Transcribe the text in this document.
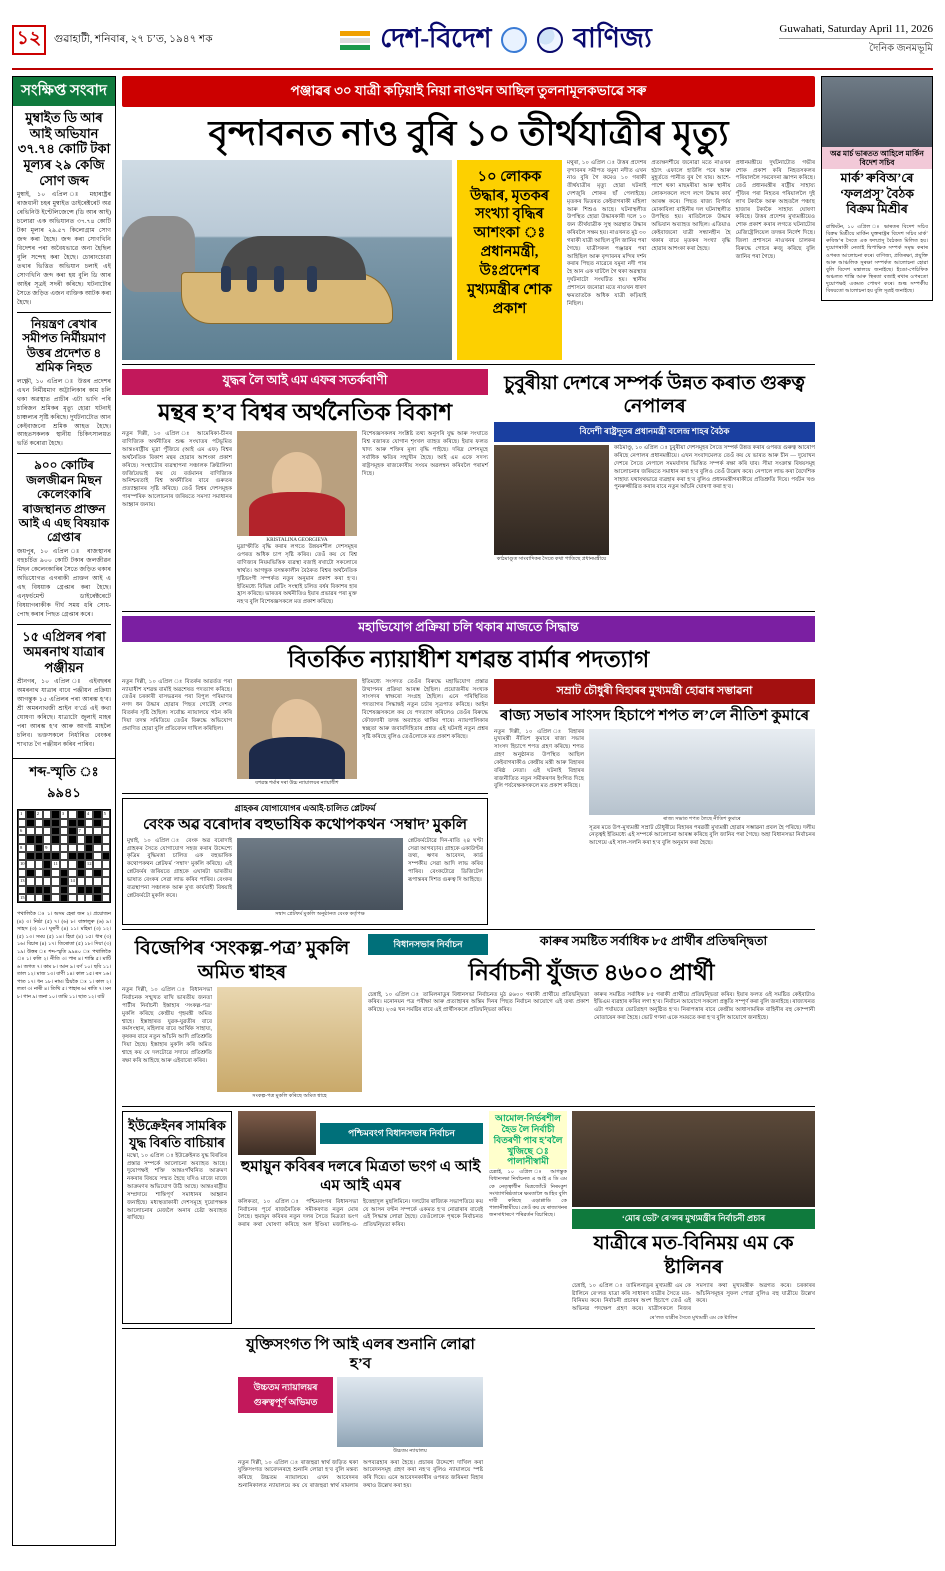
১২	গুৱাহাটী, শনিবাৰ, ২৭ চ’ত, ১৯৪৭ শক	দেশ-বিদেশ	বাণিজ্য	Guwahati, Saturday April 11, 2026
দৈনিক জনমভূমি
সংক্ষিপ্ত সংবাদ
মুম্বাইত ডি আৰ আই অভিযান ৩৭.৭৪ কোটি টকা মূল্যৰ ২৯ কেজি সোণ জব্দ
মুম্বাই, ১০ এপ্ৰিল ঃ মহাৰাষ্ট্ৰৰ ৰাজধানী চহৰ মুম্বাইত ডাইৰেক্টৰেট অৱ ৰেভিনিউ ইণ্টেলিজেন্সে (ডি আৰ আই) চলোৱা এক অভিযানত ৩৭.৭৪ কোটি টকা মূল্যৰ ২৯.৫৭ কিলোগ্ৰাম সোণ জব্দ কৰা হৈছে। জব্দ কৰা সোণখিনি বিদেশৰ পৰা অবৈধভাৱে অনা হৈছিল বুলি সন্দেহ কৰা হৈছে। চোৰাংচোৱা তথ্যৰ ভিত্তিত অভিযান চলাই এই সোণখিনি জব্দ কৰা হয় বুলি ডি আৰ আইৰ সূত্ৰই সদৰী কৰিছে। ঘটনাটোৰ সৈতে জড়িত এজন ব্যক্তিক আটক কৰা হৈছে।
নিয়ন্ত্ৰণ ৰেখাৰ সমীপত নিৰ্মীয়মাণ উত্তৰ প্ৰদেশত ৪ শ্ৰমিক নিহত
লক্ষ্ণৌ, ১০ এপ্ৰিল ঃ উত্তৰ প্ৰদেশৰ এখন নিৰ্মীয়মাণ অট্টালিকাৰ কাম চলি থকা অৱস্থাত প্ৰাচীৰ এটা ভাগি পৰি চাৰিজন শ্ৰমিকৰ মৃত্যু হোৱা ঘটনাই চাঞ্চল্যৰ সৃষ্টি কৰিছে। দুৰ্ঘটনাটোত আন কেইবাজনো শ্ৰমিক আহত হৈছে। আহতসকলক স্থানীয় চিকিৎসালয়ত ভৰ্তি কৰোৱা হৈছে।
৯০০ কোটিৰ জলজীৱন মিছন কেলেংকাৰি ৰাজস্থানত প্ৰাক্তন আই এ এছ বিষয়াক গ্ৰেপ্তাৰ
জয়পুৰ, ১০ এপ্ৰিল ঃ ৰাজস্থানৰ বহুচৰ্চিত ৯০০ কোটি টকাৰ জলজীৱন মিছন কেলেংকাৰিৰ সৈতে জড়িত থকাৰ অভিযোগত এগৰাকী প্ৰাক্তন আই এ এছ বিষয়াক গ্ৰেপ্তাৰ কৰা হৈছে। এন্ফৰ্চমেণ্ট ডাইৰেক্টৰেটে বিষয়াগৰাকীক দীৰ্ঘ সময় ধৰি সোধ-পোছ কৰাৰ পিছত গ্ৰেপ্তাৰ কৰে।
১৫ এপ্ৰিলৰ পৰা অমৰনাথ যাত্ৰাৰ পঞ্জীয়ন
শ্ৰীনগৰ, ১০ এপ্ৰিল ঃ এইবছৰৰ অমৰনাথ যাত্ৰাৰ বাবে পঞ্জীয়ন প্ৰক্ৰিয়া আগন্তুক ১৫ এপ্ৰিলৰ পৰা আৰম্ভ হ’ব। শ্ৰী অমৰনাথজী শ্ৰাইন ব’ৰ্ডে এই কথা ঘোষণা কৰিছে। যাত্ৰাটো জুলাই মাহৰ পৰা আৰম্ভ হ’ব আৰু আগষ্ট মাহলৈ চলিব। ভক্তসকলে নিৰ্ধাৰিত বেংকৰ শাখাত গৈ পঞ্জীয়ন কৰিব পাৰিব।
শব্দ-স্মৃতি ঃ ৯৯৪১
1	2	3	4	5
6	7
8	9
10	11	12
13	14
15
পথালিকৈ ঃ ১। অসম হেৰা জন ২। প্ৰয়োজন (৪) ৩। নিষ্ঠা (৫) ৭। (৬) ৮। বাঙ্গালুৰু (৬) ৯। সাহস (৩) ১০। ঘূৰণী (৪) ১১। মহিমা (৩) ১২। (৫) ১৩। সময় (৫) ১৪। হিয়া (৪) ১৫। ধাৰ (৩) ১৬। বিচাৰ (৪) ১৭। তিৰোতা (৫) ১৮। দিয়া (৩) ১৯। উত্তৰ ঃ শব্দ-স্মৃতি ৯৯৪০ ঃ পথালিকৈ ঃ ১। কলি ২। নীতি ৩। পাৰ ৪। শান্তি ৫। মাটি ৬। জগত ৭। কাম ৮। আন ৯। বৰ্ণ ১০। ছবি ১১। তাল ১২। মাজ ১৩। বাণী ১৪। কাল ১৫। ৰস ১৬। পাত ১৭। ধন ১৮। নাম। ঠিয়কৈ ঃ ১। কাল ২। লতা ৩। নাৰী ৪। তিথি ৫। পাহাৰ ৬। ৰাতি ৭। মন ৮। গান ৯। জনা ১০। তামি ১১। ছাত ১২। বাট
পঞ্জাৱৰ ৩০ যাত্ৰী কঢ়িয়াই নিয়া নাওখন আছিল তুলনামূলকভাৱে সৰু
বৃন্দাবনত নাও বুৰি ১০ তীৰ্থযাত্ৰীৰ মৃত্যু
১০ লোকক উদ্ধাৰ, মৃতকৰ সংখ্যা বৃদ্ধিৰ আশংকা ঃ প্ৰধানমন্ত্ৰী, উঃপ্ৰদেশৰ মুখ্যমন্ত্ৰীৰ শোক প্ৰকাশ
মথুৰা, ১০ এপ্ৰিল ঃ উত্তৰ প্ৰদেশৰ বৃন্দাবনৰ সমীপত যমুনা নদীত এখন নাও বুৰি গৈ কমেও ১০ গৰাকী তীৰ্থযাত্ৰীৰ মৃত্যু হোৱা ঘটনাই দেশজুৰি শোকৰ ছাঁ পেলাইছে। মৃতকৰ ভিতৰত কেইবাগৰাকী মহিলা আৰু শিশুও আছে। ঘটনাস্থলীত উপস্থিত হোৱা উদ্ধাৰকাৰী দলে ১০ জন তীৰ্থযাত্ৰীক সুস্থ অৱস্থাত উদ্ধাৰ কৰিবলৈ সক্ষম হয়। নাওখনত মুঠ ৩০ গৰাকী যাত্ৰী আছিল বুলি জানিব পৰা গৈছে। যাত্ৰীসকল পঞ্জাৱৰ পৰা আহিছিল আৰু বৃন্দাবনৰ মন্দিৰ দৰ্শন কৰাৰ পিছত নাৱেৰে যমুনা নদী পাৰ হৈ আন এক ঘাটলৈ গৈ থকা অৱস্থাত দুৰ্ঘটনাটো সংঘটিত হয়। স্থানীয় প্ৰশাসনে জনোৱা মতে নাওখন ধাৰণ ক্ষমতাতকৈ অধিক যাত্ৰী কঢ়িয়াই নিছিল।
প্ৰত্যক্ষদৰ্শীয়ে জনোৱা মতে নাওখন হঠাৎ এফালে হাউলি পৰে আৰু মুহূৰ্ততে পানীত বুৰ গৈ যায়। আশে-পাশে থকা মাছমৰীয়া আৰু স্থানীয় লোকসকলে লগে লগে উদ্ধাৰ কাৰ্য আৰম্ভ কৰে। পিছত ৰাজ্য বিপৰ্যয় মোকাবিলা বাহিনীৰ দল ঘটনাস্থলীত উপস্থিত হয়। ৰাতিলৈকে উদ্ধাৰ অভিযান অব্যাহত আছিল। এতিয়াও কেইবাজনো যাত্ৰী সন্ধানহীন হৈ থকাৰ বাবে মৃতকৰ সংখ্যা বৃদ্ধি হোৱাৰ আশংকা কৰা হৈছে।
প্ৰধানমন্ত্ৰীয়ে দুৰ্ঘটনাটোত গভীৰ শোক প্ৰকাশ কৰি নিহতসকলৰ পৰিয়াললৈ সমবেদনা জ্ঞাপন কৰিছে। তেওঁ প্ৰধানমন্ত্ৰীৰ ৰাষ্ট্ৰীয় সাহায্য পুঁজিৰ পৰা নিহতৰ পৰিয়াললৈ দুই লাখ টকাকৈ আৰু আহতলৈ পঞ্চাছ হাজাৰ টকাকৈ সাহায্য ঘোষণা কৰিছে। উত্তৰ প্ৰদেশৰ মুখ্যমন্ত্ৰীয়েও শোক প্ৰকাশ কৰাৰ লগতে ঘটনাটোৰ মেজিষ্ট্ৰেলিয়েল তদন্তৰ নিৰ্দেশ দিছে। জিলা প্ৰশাসনে নাওখনৰ চালকৰ বিৰুদ্ধে গোচৰ ৰুজু কৰিছে বুলি জানিব পৰা গৈছে।
যুদ্ধৰ লৈ আই এম এফৰ সতৰ্কবাণী
মন্থৰ হ’ব বিশ্বৰ অৰ্থনৈতিক বিকাশ
নতুন দিল্লী, ১০ এপ্ৰিল ঃ আমেৰিকা-চীনৰ বাণিজ্যিক অৰ্থনীতিৰ শুল্ক সংঘাতৰ পটভূমিত আন্তঃৰাষ্ট্ৰীয় মুদ্ৰা পুঁজিয়ে (আই এম এফ) বিশ্বৰ অৰ্থনৈতিক বিকাশ মন্থৰ হোৱাৰ আশংকা প্ৰকাশ কৰিছে। সংস্থাটোৰ ব্যৱস্থাপনা সঞ্চালক ক্ৰিষ্টালিনা জৰ্জিয়েভাই কয় যে বৰ্তমানৰ বাণিজ্যিক অনিশ্চয়তাই বিশ্ব অৰ্থনীতিৰ বাবে গুৰুতৰ প্ৰত্যাহ্বানৰ সৃষ্টি কৰিছে। তেওঁ বিশ্বৰ দেশসমূহক পাৰস্পৰিক আলোচনাৰ জৰিয়তে সমস্যা সমাধানৰ আহ্বান জনায়।
KRISTALINA GEORGIEVA
মুদ্ৰাস্ফীতি বৃদ্ধি কৰাৰ লগতে উন্নয়নশীল দেশসমূহৰ ওপৰত অধিক চাপ সৃষ্টি কৰিব। তেওঁ কয় যে বিশ্ব বাণিজ্যৰ নিয়মভিত্তিক ব্যৱস্থা বজাই ৰখাটো সকলোৰে স্বাৰ্থত। আগন্তুক বসন্তকালীন বৈঠকত বিশ্বৰ অৰ্থনৈতিক দৃষ্টিভংগী সম্পৰ্কত নতুন অনুমান প্ৰকাশ কৰা হ’ব। ইতিমধ্যে বিভিন্ন ৰেটিং সংস্থাই চলিত বৰ্ষৰ বিকাশৰ হাৰ হ্ৰাস কৰিছে। ভাৰতৰ অৰ্থনীতিও ইয়াৰ প্ৰভাৱৰ পৰা মুক্ত নহ’ব বুলি বিশেষজ্ঞসকলে মত প্ৰকাশ কৰিছে।
বিশেষজ্ঞসকলৰ সংশ্লিষ্ট তথ্য অনুসৰি যুদ্ধ আৰু সংঘাতে বিশ্ব বজাৰত যোগান শৃংখল ব্যাহত কৰিছে। ইয়াৰ ফলত খাদ্য আৰু শক্তিৰ মূল্য বৃদ্ধি পাইছে। দৰিদ্ৰ দেশসমূহে সৰ্বাধিক ক্ষতিৰ সন্মুখীন হৈছে। আই এম এফে সদস্য ৰাষ্ট্ৰসমূহক ৰাজকোষীয় সংযম অৱলম্বন কৰিবলৈ পৰামৰ্শ দিছে।
চুবুৰীয়া দেশৰে সম্পৰ্ক উন্নত কৰাত গুৰুত্ব নেপালৰ
বিদেশী ৰাষ্ট্ৰদূতৰ প্ৰধানমন্ত্ৰী বলেন্দ্ৰ শাহৰ বৈঠক
কাঠমাণ্ডুত সাংবাদিকৰ সৈতে কথা পাতিছে প্ৰধানমন্ত্ৰীয়ে
কাঠমাণ্ডু, ১০ এপ্ৰিল ঃ চুবুৰীয়া দেশসমূহৰ সৈতে সম্পৰ্ক উন্নত কৰাৰ ওপৰত গুৰুত্ব আৰোপ কৰিছে নেপালৰ প্ৰধানমন্ত্ৰীয়ে। এখন সংবাদমেলত তেওঁ কয় যে ভাৰত আৰু চীন — দুয়োখন দেশৰে সৈতে নেপালে সমমৰ্যাদাৰ ভিত্তিত সম্পৰ্ক ৰক্ষা কৰি যাব। সীমা সংক্ৰান্ত বিষয়সমূহ আলোচনাৰ জৰিয়তে সমাধান কৰা হ’ব বুলিও তেওঁ উল্লেখ কৰে। নেপালে লাভ কৰা বৈদেশিক সাহায্য যথাযথভাৱে ব্যৱহাৰ কৰা হ’ব বুলিও প্ৰধানমন্ত্ৰীগৰাকীয়ে প্ৰতিশ্ৰুতি দিয়ে। পৰ্যটন খণ্ড পুনৰুজ্জীৱিত কৰাৰ বাবে নতুন আঁচনি ঘোষণা কৰা হ’ব।
মহাভিযোগ প্ৰক্ৰিয়া চলি থকাৰ মাজতে সিদ্ধান্ত
বিতৰ্কিত ন্যায়াধীশ যশৱন্ত বাৰ্মাৰ পদত্যাগ
নতুন দিল্লী, ১০ এপ্ৰিল ঃ বিতৰ্কৰ আৱৰ্তত পৰা ন্যায়াধীশ যশৱন্ত বাৰ্মাই অৱশেষত পদত্যাগ কৰিছে। তেওঁৰ চৰকাৰী বাসভৱনৰ পৰা বিপুল পৰিমাণৰ নগদ ধন উদ্ধাৰ হোৱাৰ পিছত গোটেই দেশত বিতৰ্কৰ সৃষ্টি হৈছিল। সৰ্বোচ্চ ন্যায়ালয়ে গঠন কৰি দিয়া তদন্ত সমিতিয়ে তেওঁৰ বিৰুদ্ধে অভিযোগ প্ৰমাণিত হোৱা বুলি প্ৰতিবেদন দাখিল কৰিছিল।
যশৱন্ত শৰ্মাৰ দৰা উচ্চ ন্যায়ালয়ৰ ন্যায়াধীশ
ইতিমধ্যে সংসদত তেওঁৰ বিৰুদ্ধে মহাভিযোগ প্ৰস্তাৱ উত্থাপনৰ প্ৰক্ৰিয়া আৰম্ভ হৈছিল। প্ৰয়োজনীয় সংখ্যক সাংসদৰ স্বাক্ষৰো সংগ্ৰহ হৈছিল। এনে পৰিস্থিতিত পদত্যাগৰ সিদ্ধান্তই নতুন চৰ্চাৰ সূত্ৰপাত কৰিছে। আইন বিশেষজ্ঞসকলে কয় যে পদত্যাগ কৰিলেও তেওঁৰ বিৰুদ্ধে ফৌজদাৰী তদন্ত অব্যাহত থাকিব পাৰে। ন্যায়পালিকাৰ স্বচ্ছতা আৰু জবাবদিহিতাৰ প্ৰশ্নত এই ঘটনাই নতুন প্ৰশ্নৰ সৃষ্টি কৰিছে বুলিও তেওঁলোকে মত প্ৰকাশ কৰিছে।
গ্ৰাহকৰ যোগাযোগৰ এআই-চালিত প্লেটফৰ্ম
বেংক অৱ বৰোদাৰ বহুভাষিক কথোপকথন ‘সম্বাদ’ মুকলি
মুম্বাই, ১০ এপ্ৰিল ঃ বেংক অৱ বৰোদাই গ্ৰাহকৰ সৈতে যোগাযোগ সহজ কৰাৰ উদ্দেশ্যে কৃত্ৰিম বুদ্ধিমত্তা চালিত এক বহুভাষিক কথোপকথন প্লেটফৰ্ম ‘সম্বাদ’ মুকলি কৰিছে। এই প্লেটফৰ্মৰ জৰিয়তে গ্ৰাহকে এঘাৰটা ভাৰতীয় ভাষাত বেংকৰ সেৱা লাভ কৰিব পাৰিব। বেংকৰ ব্যৱস্থাপনা সঞ্চালক আৰু মুখ্য কাৰ্যবাহী বিষয়াই প্লেটফৰ্মটো মুকলি কৰে।
সম্বাদ প্লেটফৰ্ম মুকলি অনুষ্ঠানত বেংক কৰ্তৃপক্ষ
প্লেটফৰ্মটোৱে দিন-ৰাতি ২৪ ঘণ্টা সেৱা আগবঢ়াব। গ্ৰাহকে একাউণ্টৰ তথ্য, ঋণৰ আবেদন, কাৰ্ড সম্পৰ্কীয় সেৱা আদি লাভ কৰিব পাৰিব। বেংকটোৱে ডিজিটেল ৰূপান্তৰৰ দিশত গুৰুত্ব দি আহিছে।
সম্ৰাট চৌধুৰী বিহাৰৰ মুখ্যমন্ত্ৰী হোৱাৰ সম্ভাৱনা
ৰাজ্য সভাৰ সাংসদ হিচাপে শপত ল’লে নীতিশ কুমাৰে
নতুন দিল্লী, ১০ এপ্ৰিল ঃ বিহাৰৰ মুখ্যমন্ত্ৰী নীতিশ কুমাৰে ৰাজ্য সভাৰ সাংসদ হিচাপে শপত গ্ৰহণ কৰিছে। শপত গ্ৰহণ অনুষ্ঠানত উপস্থিত আছিল কেইবাগৰাকীও কেন্দ্ৰীয় মন্ত্ৰী আৰু বিহাৰৰ বৰিষ্ঠ নেতা। এই ঘটনাই বিহাৰৰ ৰাজনীতিত নতুন সমীকৰণৰ ইংগিত দিছে বুলি পৰ্যবেক্ষকসকলে মত প্ৰকাশ কৰিছে।
ৰাজ্য সভাত শপত লৈছে নীতিশ কুমাৰে
সূত্ৰৰ মতে উপ-মুখ্যমন্ত্ৰী সম্ৰাট চৌধুৰীয়ে বিহাৰৰ পৰৱৰ্তী মুখ্যমন্ত্ৰী হোৱাৰ সম্ভাৱনা প্ৰবল হৈ পৰিছে। দলীয় নেতৃত্বই ইতিমধ্যে এই সম্পৰ্কে আলোচনা আৰম্ভ কৰিছে বুলি জানিব পৰা গৈছে। অহা বিধানসভা নিৰ্বাচনৰ আগেয়ে এই সাল-সলনি কৰা হ’ব বুলি অনুমান কৰা হৈছে।
বিজেপিৰ ‘সংকল্প-পত্ৰ’ মুকলি অমিত শ্বাহৰ
নতুন দিল্লী, ১০ এপ্ৰিল ঃ বিধানসভা নিৰ্বাচনক সন্মুখত ৰাখি ভাৰতীয় জনতা পাৰ্টীৰ নিৰ্বাচনী ইস্তাহাৰ ‘সংকল্প-পত্ৰ’ মুকলি কৰিছে কেন্দ্ৰীয় গৃহমন্ত্ৰী অমিত শ্বাহে। ইস্তাহাৰত যুৱক-যুৱতীৰ বাবে কৰ্মসংস্থান, মহিলাৰ বাবে আৰ্থিক সাহায্য, কৃষকৰ বাবে নতুন আঁচনি আদি প্ৰতিশ্ৰুতি দিয়া হৈছে। ইস্তাহাৰ মুকলি কৰি অমিত শ্বাহে কয় যে দলটোৱে সদায়ে প্ৰতিশ্ৰুতি ৰক্ষা কৰি আহিছে আৰু এইবাৰো কৰিব।
সংকল্প-পত্ৰ মুকলি কৰিছে অমিত শ্বাহে
বিধানসভাৰ নিৰ্বাচন	কাৰুৰ সমষ্টিত সৰ্বাধিক ৮৫ প্ৰাৰ্থীৰ প্ৰতিদ্বন্দ্বিতা
নিৰ্বাচনী যুঁজত ৪৬০০ প্ৰাৰ্থী
চেন্নাই, ১০ এপ্ৰিল ঃ তামিলনাডুৰ বিধানসভা নিৰ্বাচনত মুঠ ৪৬০০ গৰাকী প্ৰাৰ্থীয়ে প্ৰতিদ্বন্দ্বিতা কৰিব। মনোনয়ন পত্ৰ পৰীক্ষা আৰু প্ৰত্যাহাৰৰ অন্তিম দিনৰ পিছত নিৰ্বাচন আয়োগে এই তথ্য প্ৰকাশ কৰিছে। ২৩৪ খন সমষ্টিৰ বাবে এই প্ৰাৰ্থীসকলে প্ৰতিদ্বন্দ্বিতা কৰিব।
কাৰুৰ সমষ্টিত সৰ্বাধিক ৮৫ গৰাকী প্ৰাৰ্থীয়ে প্ৰতিদ্বন্দ্বিতা কৰিব। ইয়াৰ ফলত ওই সমষ্টিত কেইবাটাও ইভিএম ব্যৱহাৰ কৰিব লগা হ’ব। নিৰ্বাচন আয়োগে সকলো প্ৰস্তুতি সম্পূৰ্ণ কৰা বুলি জনাইছে। ৰাজ্যখনত এটা পৰ্যায়তে ভোটগ্ৰহণ অনুষ্ঠিত হ’ব। নিৰাপত্তাৰ বাবে কেন্দ্ৰীয় আধাসামৰিক বাহিনীৰ বহু কোম্পানী মোতায়েন কৰা হৈছে। ভোট গণনা একে সময়তে কৰা হ’ব বুলি আয়োগে জনাইছে।
ইউক্ৰেইনৰ সামৰিক যুদ্ধ বিৰতি বাচিয়াৰ
মস্কো, ১০ এপ্ৰিল ঃ ইউক্ৰেইনত যুদ্ধ বিৰতিৰ প্ৰস্তাৱ সম্পৰ্কে আলোচনা অব্যাহত আছে। দুয়োপক্ষই শক্তি আন্তঃগাঁথনিত আক্ৰমণ নকৰাৰ বিষয়ে সন্মত হৈছে যদিও মাজে মাজে আক্ৰমণৰ অভিযোগ উঠি আছে। আন্তঃৰাষ্ট্ৰীয় সম্প্ৰদায়ে শান্তিপূৰ্ণ সমাধানৰ আহ্বান জনাইছে। মধ্যস্থতাকাৰী দেশসমূহে দুয়োপক্ষক আলোচনাৰ মেজলৈ অনাৰ চেষ্টা অব্যাহত ৰাখিছে।
পশ্চিমবংগ বিধানসভাৰ নিৰ্বাচন
হুমায়ুন কবিৰৰ দলৰে মিত্ৰতা ভংগ এ আই এম আই এমৰ
কলিকতা, ১০ এপ্ৰিল ঃ পশ্চিমবংগৰ বিধানসভা নিৰ্বাচনৰ পূৰ্বে ৰাজনৈতিক সমীকৰণত নতুন মোৰ লৈছে। হুমায়ুন কবিৰৰ নতুন দলৰ সৈতে মিত্ৰতা ভংগ কৰাৰ কথা ঘোষণা কৰিছে অল ইণ্ডিয়া মজলিছ-এ-ইত্তেহাদুল মুছলিমিনে। দলটোৰ ৰাজ্যিক সভাপতিয়ে কয় যে আসন বণ্টন সম্পৰ্কে একমত হ’ব নোৱাৰাৰ বাবেই এই সিদ্ধান্ত লোৱা হৈছে। তেওঁলোকে পৃথকে নিৰ্বাচনত প্ৰতিদ্বন্দ্বিতা কৰিব।
আমোল-নিৰ্ভৰশীল হৈড লৈ নিৰ্বাচী বিতৰণী পাব হ’বলৈ খুজিছে ঃ পালানীস্বামী
চেন্নাই, ১০ এপ্ৰিল ঃ আগন্তুক বিধানসভা নিৰ্বাচনত এ আই এ ডি এম কে নেতৃত্বাধীন মিত্ৰজোঁটে নিৰংকুশ সংখ্যাগৰিষ্ঠতাৰে ক্ষমতালৈ আহিব বুলি দাবী কৰিছে এড়াপ্পাডি কে পালানীস্বামীয়ে। তেওঁ কয় যে ৰাজ্যখনৰ জনসাধাৰণে পৰিৱৰ্তন বিচাৰিছে।	‘মোৰ ভেট’ ৰে’লৰ মুখ্যমন্ত্ৰীৰ নিৰ্বাচনী প্ৰচাৰ
যাত্ৰীৰে মত-বিনিময় এম কে ষ্টালিনৰ
চেন্নাই, ১০ এপ্ৰিল ঃ তামিলনাডুৰ মুখ্যমন্ত্ৰী এম কে ষ্টালিনে ৰে’লত যাত্ৰা কৰি সাধাৰণ যাত্ৰীৰ সৈতে মত-বিনিময় কৰে। নিৰ্বাচনী প্ৰচাৰৰ অংশ হিচাপে তেওঁ এই অভিনৱ পদক্ষেপ গ্ৰহণ কৰে। যাত্ৰীসকলে নিজৰ সমস্যাৰ কথা মুখ্যমন্ত্ৰীক অৱগত কৰে। চৰকাৰৰ আঁচনিসমূহৰ সুফল পোৱা বুলিও বহু যাত্ৰীয়ে উল্লেখ কৰে।
ৰে’লত যাত্ৰীৰ সৈতে মুখ্যমন্ত্ৰী এম কে ষ্টালিন
যুক্তিসংগত পি আই এলৰ শুনানি লোৱা হ’ব
উচ্চতম ন্যায়ালয়ৰ গুৰুত্বপূৰ্ণ অভিমত
উচ্চতম ন্যায়ালয়
নতুন দিল্লী, ১০ এপ্ৰিল ঃ ৰাজহুৱা স্বাৰ্থ জড়িত থকা যুক্তিসংগত আবেদনৰহে শুনানি লোৱা হ’ব বুলি মন্তব্য কৰিছে উচ্চতম ন্যায়ালয়ে। এখন আবেদনৰ শুনানিকালত ন্যায়ালয়ে কয় যে ৰাজহুৱা স্বাৰ্থ মামলাৰ অপব্যৱহাৰ কৰা হৈছে। প্ৰচাৰৰ উদ্দেশ্যে দাখিল কৰা আবেদনসমূহ গ্ৰহণ কৰা নহ’ব বুলিও ন্যায়ালয়ে স্পষ্ট কৰি দিয়ে। এনে আবেদনকাৰীৰ ওপৰত জৰিমনা বিহাৰ কথাও উল্লেখ কৰা হয়।
অৱ মাৰ্চ ভাৰতত আহিলে মাৰ্কিন বিদেশ সচিব
মাৰ্ক’ ৰুবিঅ’ৰে ‘ফলপ্ৰসূ’ বৈঠক বিক্ৰম মিশ্ৰীৰ
ৱাশ্বিংটন, ১০ এপ্ৰিল ঃ ভাৰতৰ বিদেশ সচিব বিক্ৰম মিশ্ৰীয়ে মাৰ্কিন যুক্তৰাষ্ট্ৰৰ বিদেশ সচিব মাৰ্ক’ ৰুবিঅ’ৰ সৈতে এক ফলপ্ৰসূ বৈঠকত মিলিত হয়। দুয়োগৰাকী নেতাই দ্বিপাক্ষিক সম্পৰ্ক সমৃদ্ধ কৰাৰ ওপৰত আলোচনা কৰে। বাণিজ্য, প্ৰতিৰক্ষা, প্ৰযুক্তি আৰু আঞ্চলিক সুৰক্ষা সম্পৰ্কত আলোচনা হোৱা বুলি বিদেশ মন্ত্ৰালয়ে জনাইছে। ইণ্ডো-পেচিফিক অঞ্চলত শান্তি আৰু স্থিৰতা বজাই ৰখাৰ ওপৰতো দুয়োপক্ষই একমত পোষণ কৰে। শুল্ক সম্পৰ্কীয় বিষয়তো আলোচনা হয় বুলি সূত্ৰই জনাইছে।
